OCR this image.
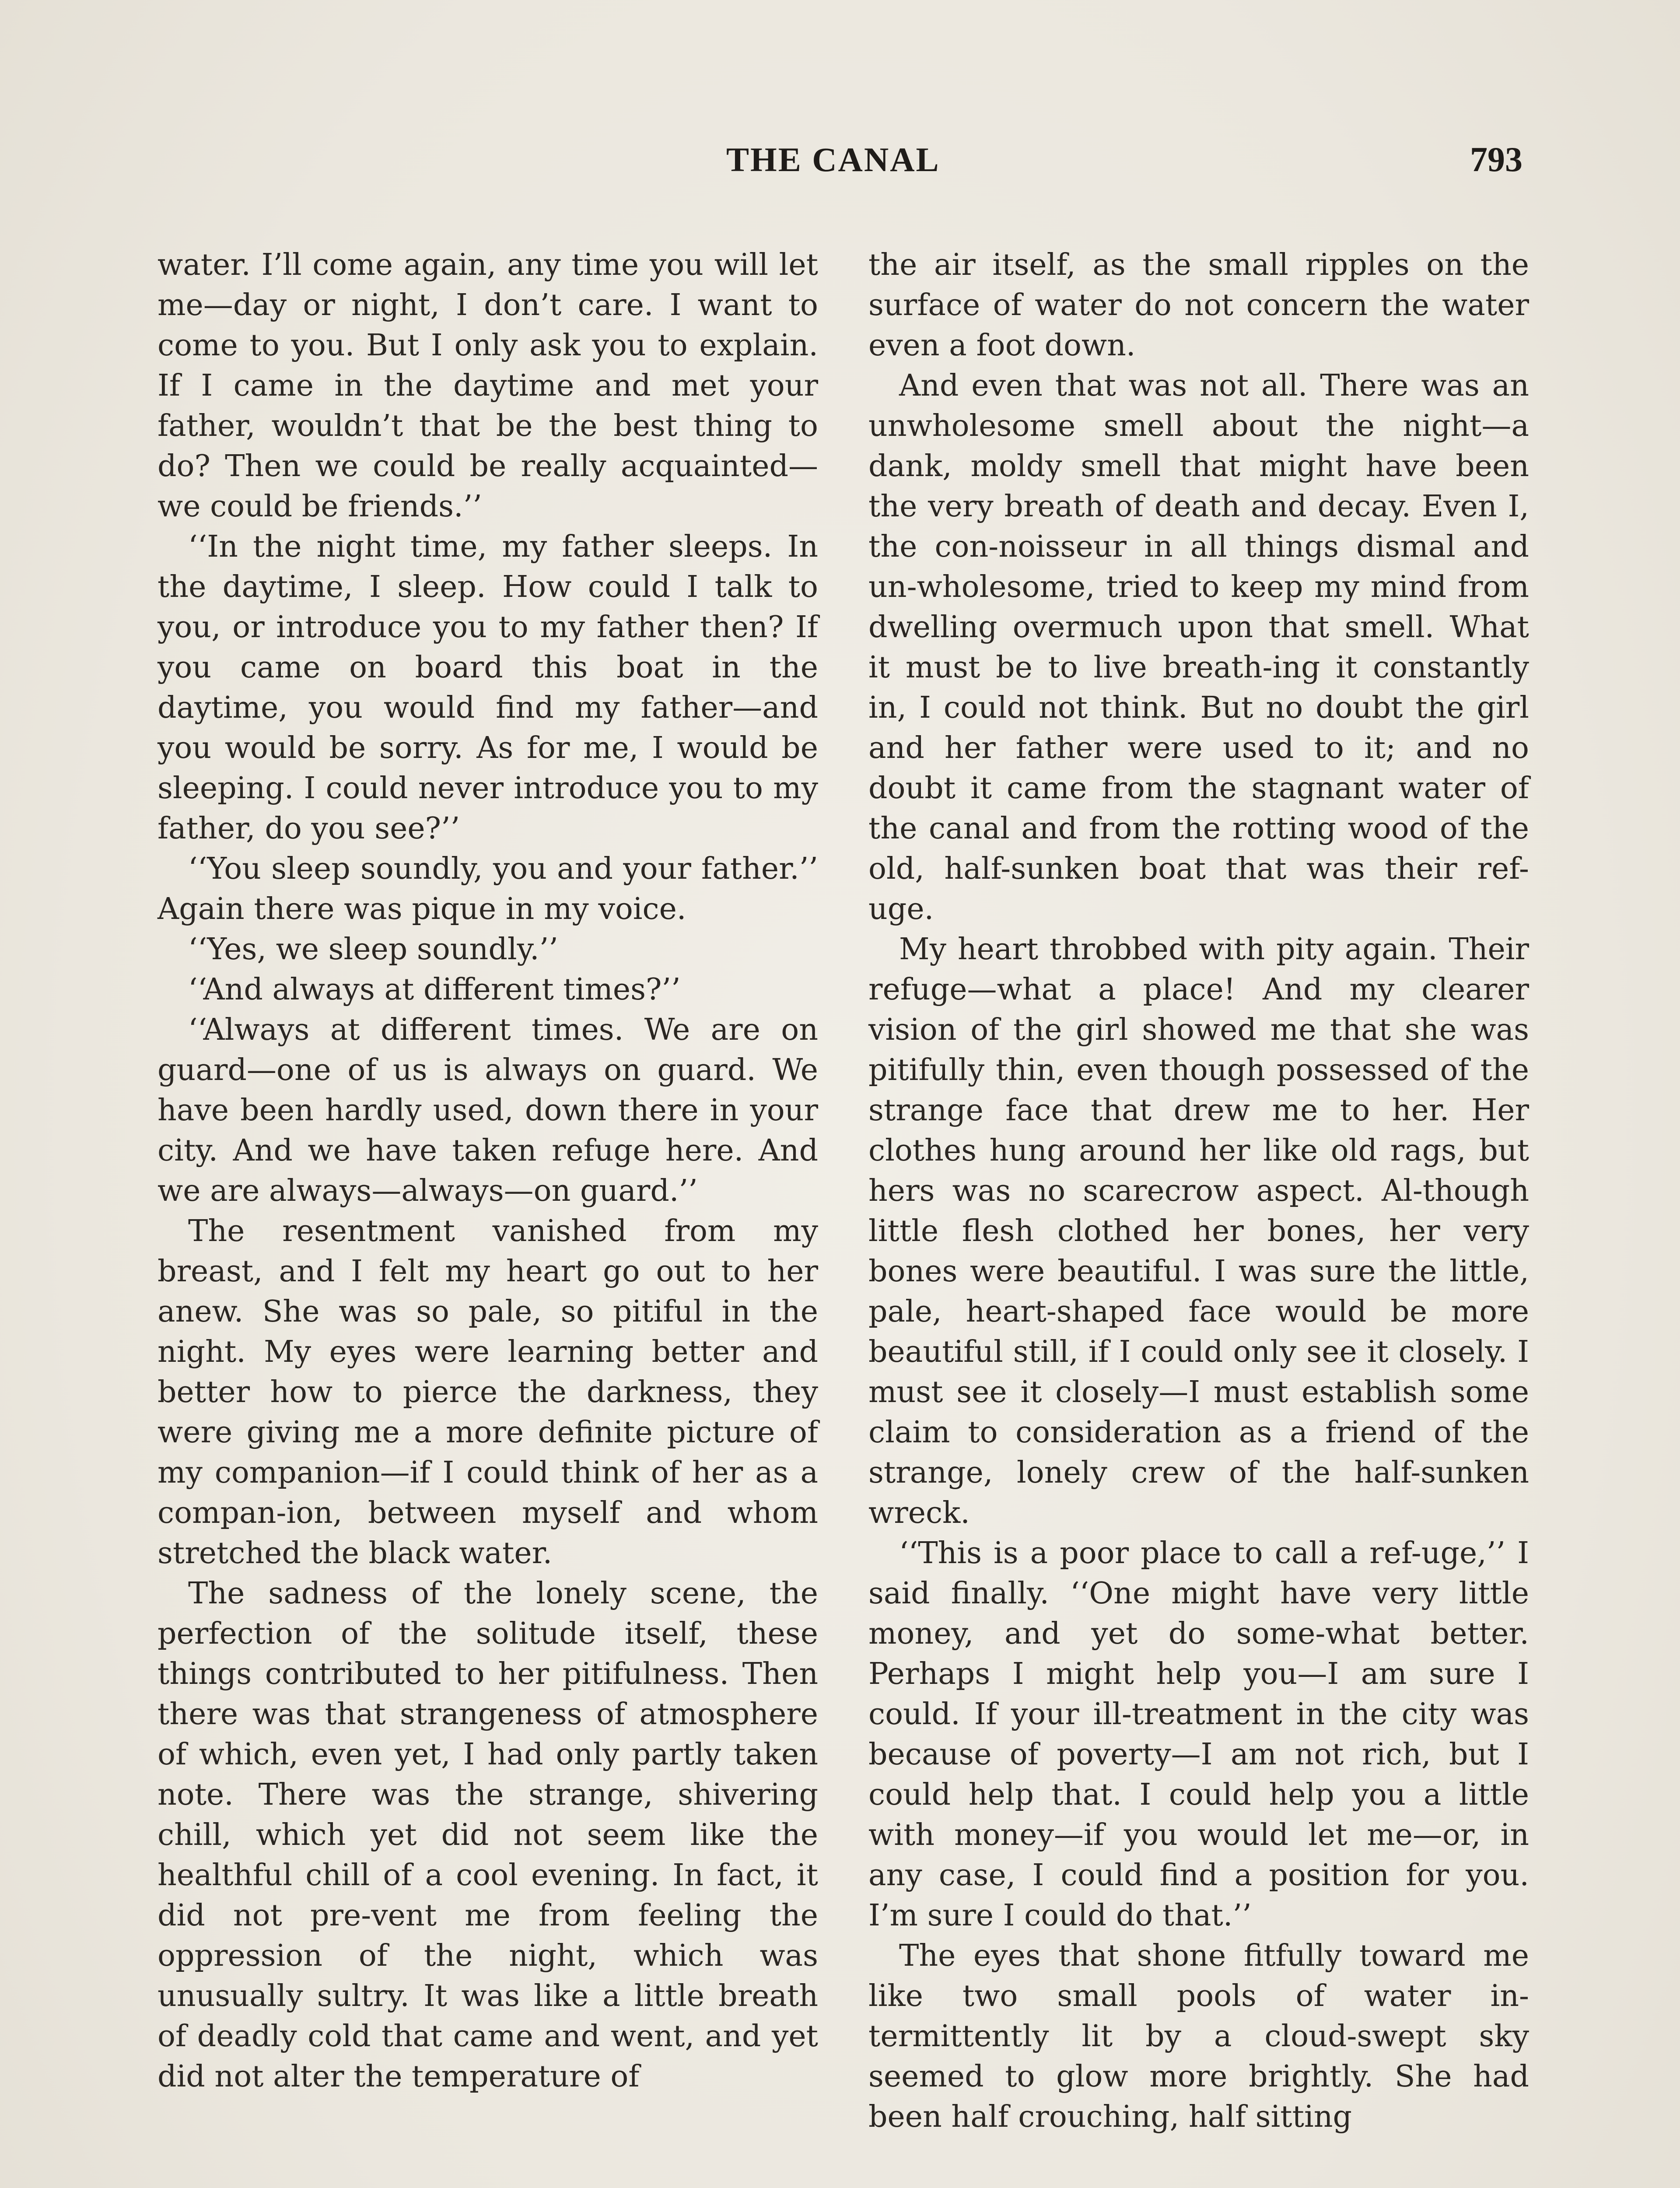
THE CANAL	793

water. I’ll come again, any time you will let me—day or night, I don’t care. I want to come to you. But I only ask you to explain. If I came in the daytime and met your father, wouldn’t that be the best thing to do? Then we could be really acquainted—we could be friends.’’

‘‘In the night time, my father sleeps. In the daytime, I sleep. How could I talk to you, or introduce you to my father then? If you came on board this boat in the daytime, you would find my father—and you would be sorry. As for me, I would be sleeping. I could never introduce you to my father, do you see?’’

‘‘You sleep soundly, you and your father.’’ Again there was pique in my voice.

‘‘Yes, we sleep soundly.’’

‘‘And always at different times?’’

‘‘Always at different times. We are on guard—one of us is always on guard. We have been hardly used, down there in your city. And we have taken refuge here. And we are always—always—on guard.’’

The resentment vanished from my breast, and I felt my heart go out to her anew. She was so pale, so pitiful in the night. My eyes were learning better and better how to pierce the darkness, they were giving me a more definite picture of my companion—if I could think of her as a compan-ion, between myself and whom stretched the black water.

The sadness of the lonely scene, the perfection of the solitude itself, these things contributed to her pitifulness. Then there was that strangeness of atmosphere of which, even yet, I had only partly taken note. There was the strange, shivering chill, which yet did not seem like the healthful chill of a cool evening. In fact, it did not pre-vent me from feeling the oppression of the night, which was unusually sultry. It was like a little breath of deadly cold that came and went, and yet did not alter the temperature of

the air itself, as the small ripples on the surface of water do not concern the water even a foot down.

And even that was not all. There was an unwholesome smell about the night—a dank, moldy smell that might have been the very breath of death and decay. Even I, the con-noisseur in all things dismal and un-wholesome, tried to keep my mind from dwelling overmuch upon that smell. What it must be to live breath-ing it constantly in, I could not think. But no doubt the girl and her father were used to it; and no doubt it came from the stagnant water of the canal and from the rotting wood of the old, half-sunken boat that was their ref-uge.

My heart throbbed with pity again. Their refuge—what a place! And my clearer vision of the girl showed me that she was pitifully thin, even though possessed of the strange face that drew me to her. Her clothes hung around her like old rags, but hers was no scarecrow aspect. Al-though little flesh clothed her bones, her very bones were beautiful. I was sure the little, pale, heart-shaped face would be more beautiful still, if I could only see it closely. I must see it closely—I must establish some claim to consideration as a friend of the strange, lonely crew of the half-sunken wreck.

‘‘This is a poor place to call a ref-uge,’’ I said finally. ‘‘One might have very little money, and yet do some-what better. Perhaps I might help you—I am sure I could. If your ill-treatment in the city was because of poverty—I am not rich, but I could help that. I could help you a little with money—if you would let me—or, in any case, I could find a position for you. I’m sure I could do that.’’

The eyes that shone fitfully toward me like two small pools of water in-termittently lit by a cloud-swept sky seemed to glow more brightly. She had been half crouching, half sitting
